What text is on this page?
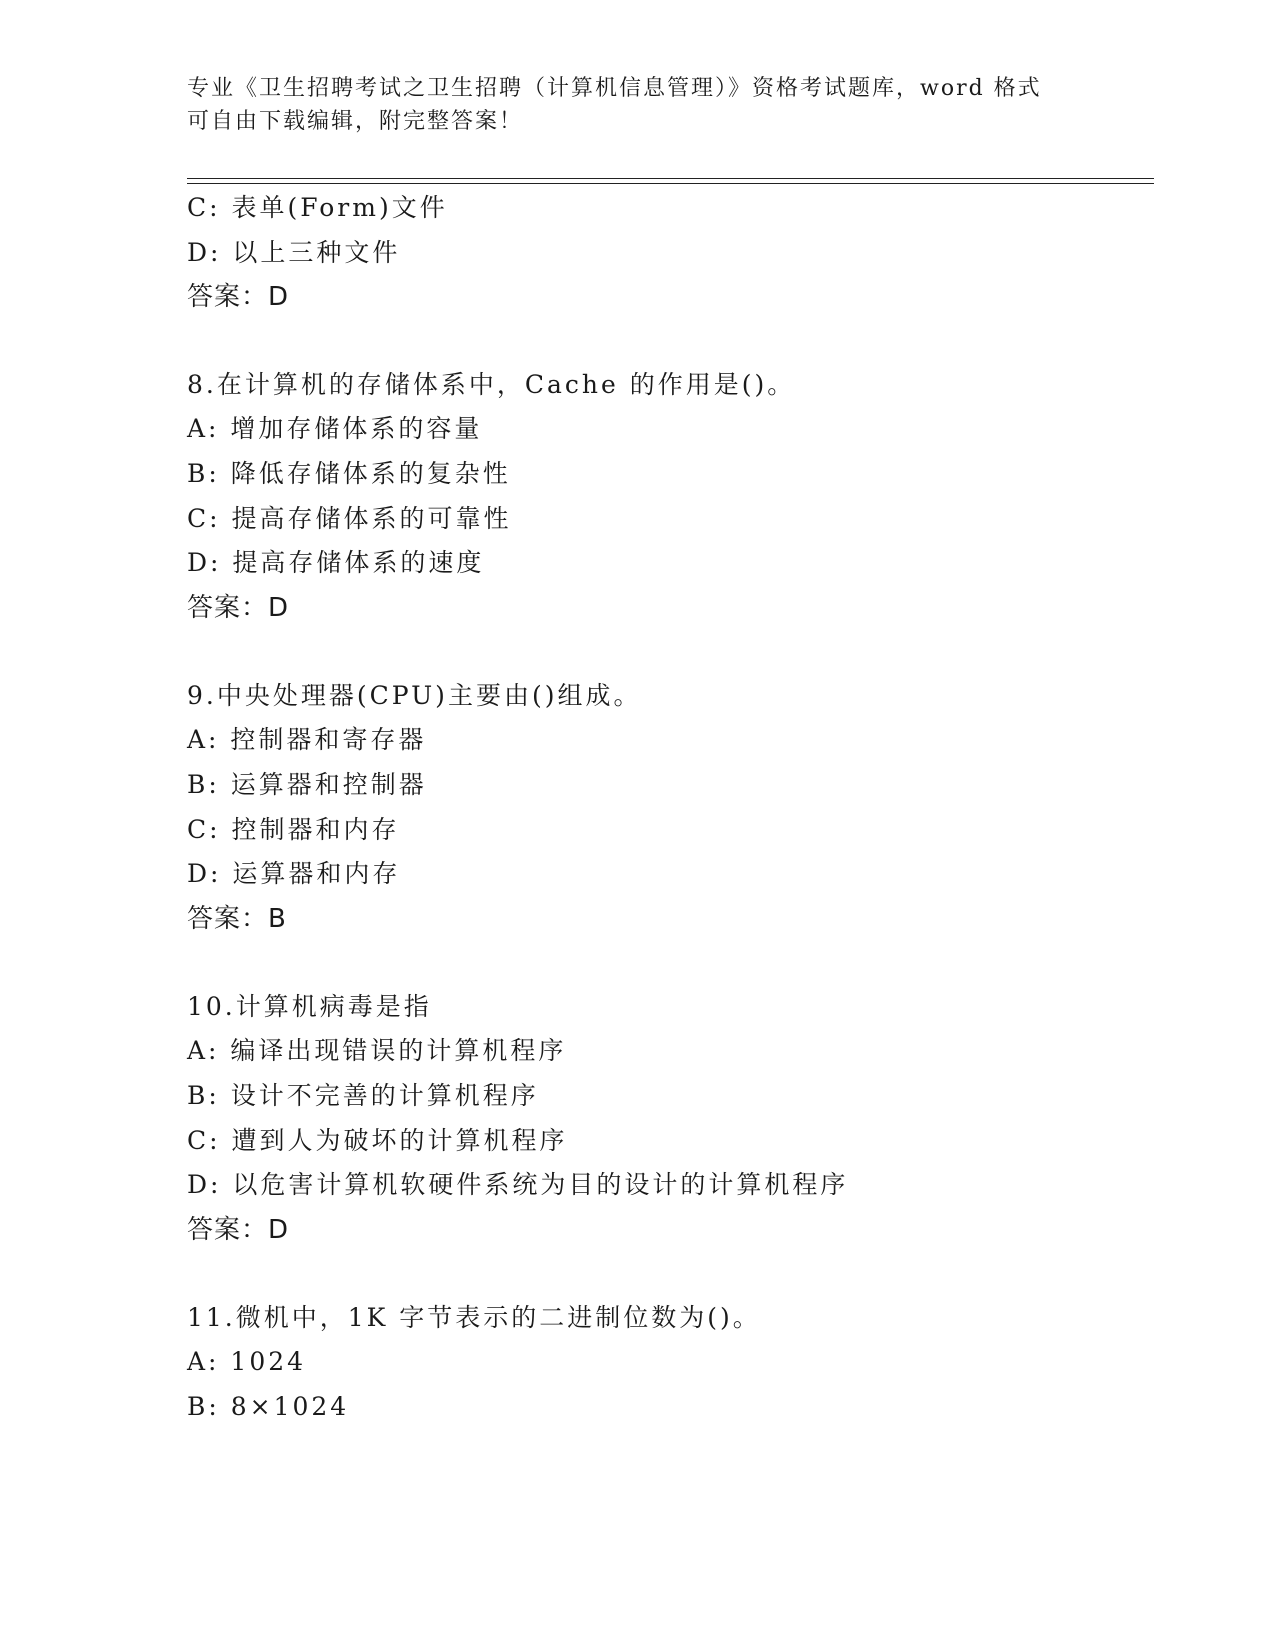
专业《卫生招聘考试之卫生招聘（计算机信息管理）》资格考试题库，word 格式
可自由下载编辑，附完整答案！
C: 表单(Form)文件
D: 以上三种文件
答案：D
8.在计算机的存储体系中，Cache 的作用是()。
A: 增加存储体系的容量
B: 降低存储体系的复杂性
C: 提高存储体系的可靠性
D: 提高存储体系的速度
答案：D
9.中央处理器(CPU)主要由()组成。
A: 控制器和寄存器
B: 运算器和控制器
C: 控制器和内存
D: 运算器和内存
答案：B
10.计算机病毒是指
A: 编译出现错误的计算机程序
B: 设计不完善的计算机程序
C: 遭到人为破坏的计算机程序
D: 以危害计算机软硬件系统为目的设计的计算机程序
答案：D
11.微机中，1K 字节表示的二进制位数为()。
A: 1024
B: 8×1024
